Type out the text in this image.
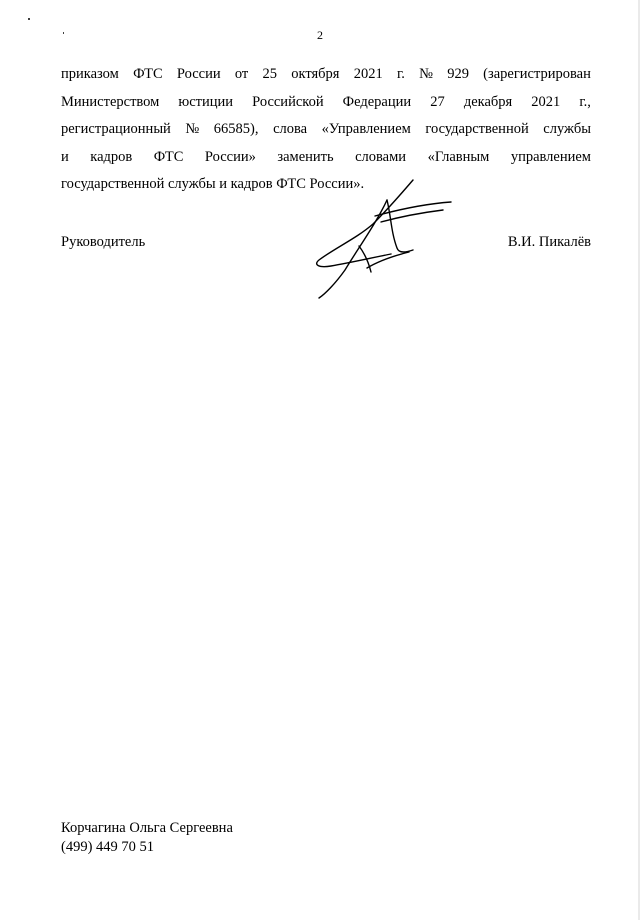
2
приказом ФТС России от 25 октября 2021 г. № 929 (зарегистрирован
Министерством юстиции Российской Федерации 27 декабря 2021 г.,
регистрационный № 66585), слова «Управлением государственной службы
и кадров ФТС России» заменить словами «Главным управлением
государственной службы и кадров ФТС России».
Руководитель	В.И. Пикалёв
Корчагина Ольга Сергеевна
(499) 449 70 51
